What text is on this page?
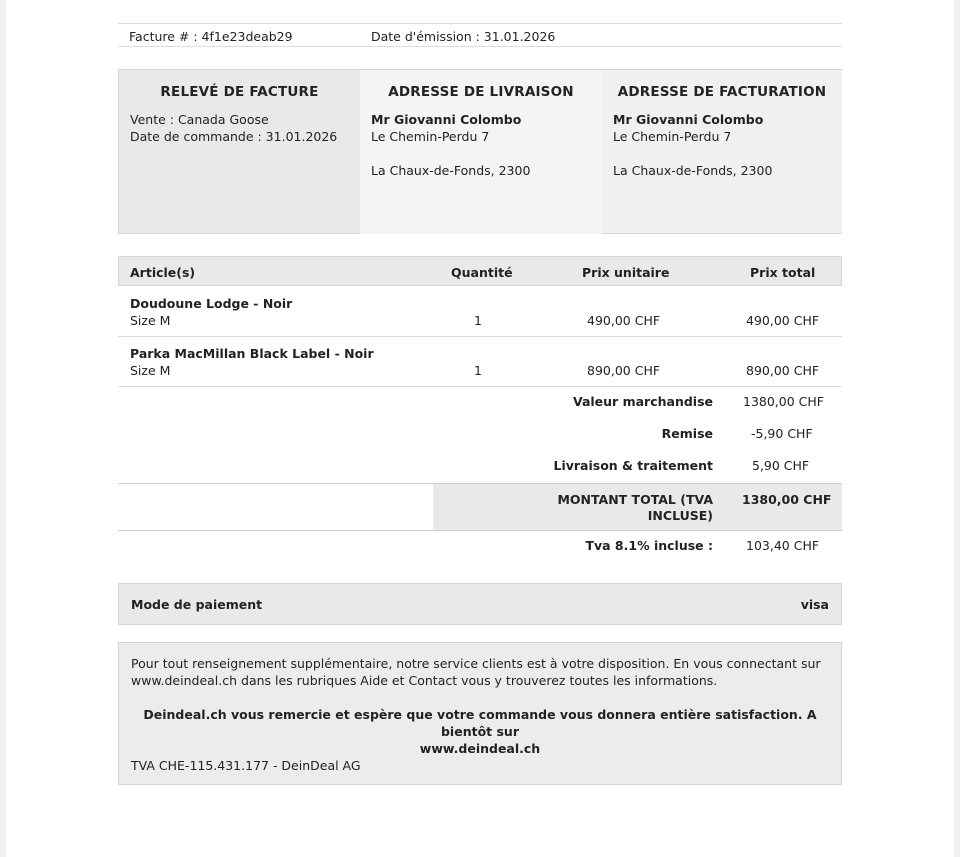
Facture # : 4f1e23deab29	Date d'émission : 31.01.2026
RELEVÉ DE FACTURE
Vente : Canada Goose
Date de commande : 31.01.2026
ADRESSE DE LIVRAISON
Mr Giovanni Colombo
Le Chemin-Perdu 7
La Chaux-de-Fonds, 2300
ADRESSE DE FACTURATION
Mr Giovanni Colombo
Le Chemin-Perdu 7
La Chaux-de-Fonds, 2300
Article(s)	Quantité	Prix unitaire	Prix total
Doudoune Lodge - Noir
Size M	1	490,00 CHF	490,00 CHF
Parka MacMillan Black Label - Noir
Size M	1	890,00 CHF	890,00 CHF
Valeur marchandise 1380,00 CHF
Remise	-5,90 CHF
Livraison & traitement	5,90 CHF
MONTANT TOTAL (TVA
INCLUSE)
1380,00 CHF
Tva 8.1% incluse :	103,40 CHF
Mode de paiement	visa
Pour tout renseignement supplémentaire, notre service clients est à votre disposition. En vous connectant sur
www.deindeal.ch dans les rubriques Aide et Contact vous y trouverez toutes les informations.
Deindeal.ch vous remercie et espère que votre commande vous donnera entière satisfaction. A bientôt sur
www.deindeal.ch
TVA CHE-115.431.177 - DeinDeal AG
